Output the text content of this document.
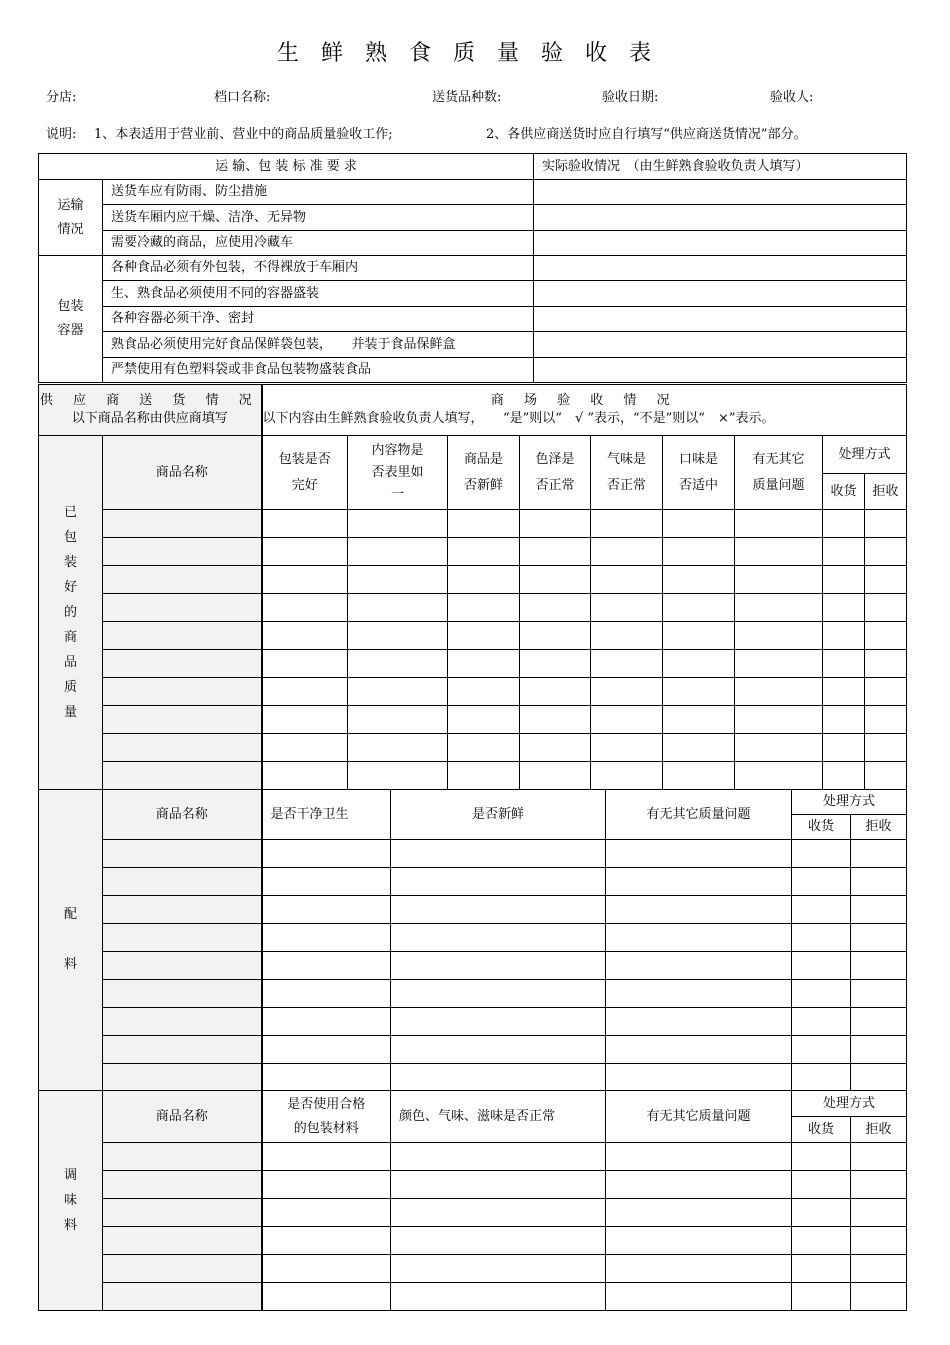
生鲜熟食质量验收表
分店:	档口名称:	送货品种数:	验收日期:	验收人:
说明: 1、本表适用于营业前、营业中的商品质量验收工作;	2、各供应商送货时应自行填写“供应商送货情况”部分。
运 输、包 装 标 准 要 求		实际验收情况　（由生鲜熟食验收负责人填写）

运输情况	送货车应有防雨、防尘措施	
	送货车厢内应干燥、洁净、无异物	
	需要冷藏的商品，应使用冷藏车	

包装容器	各种食品必须有外包装，不得裸放于车厢内	
	生、熟食品必须使用不同的容器盛装	
	各种容器必须干净、密封	
	熟食品必须使用完好食品保鲜袋包装，　　并装于食品保鲜盒	
	严禁使用有色塑料袋或非食品包装物盛装食品	
供 应 商 送 货 情 况
以下商品名称由供应商填写

商 场 验 收 情 况
以下内容由生鲜熟食验收负责人填写，　　“是”则以“　√ ”表示，“不是”则以“　×”表示。
已包装好的商品质量	商品名称	包装是否完好	内容物是否表里如一	商品是否新鲜	色泽是否正常	气味是否正常	口味是否适中	有无其它质量问题	处理方式	
									收货	拒收

配　料	商品名称	是否干净卫生	是否新鲜	有无其它质量问题	处理方式	
					收货	拒收

调味料	商品名称	是否使用合格的包装材料	颜色、气味、滋味是否正常	有无其它质量问题	处理方式	
					收货	拒收
